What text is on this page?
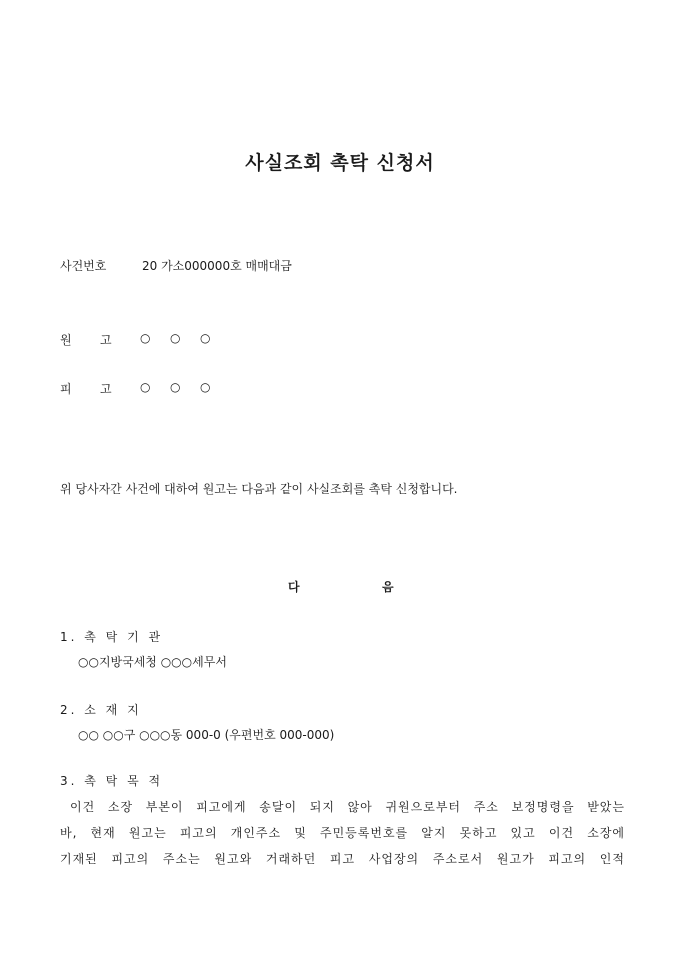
사실조회 촉탁 신청서
사건번호	20 가소000000호 매매대금
원 고 ○ ○ ○
피 고 ○ ○ ○
위 당사자간 사건에 대하여 원고는 다음과 같이 사실조회를 촉탁 신청합니다.
다	음
1. 촉 탁 기 관
○○지방국세청 ○○○세무서
2. 소 재 지
○○ ○○구 ○○○동 000-0 (우편번호 000-000)
3. 촉 탁 목 적
이건 소장 부본이 피고에게 송달이 되지 않아 귀원으로부터 주소 보정명령을 받았는
바, 현재 원고는 피고의 개인주소 및 주민등록번호를 알지 못하고 있고 이건 소장에
기재된 피고의 주소는 원고와 거래하던 피고 사업장의 주소로서 원고가 피고의 인적
